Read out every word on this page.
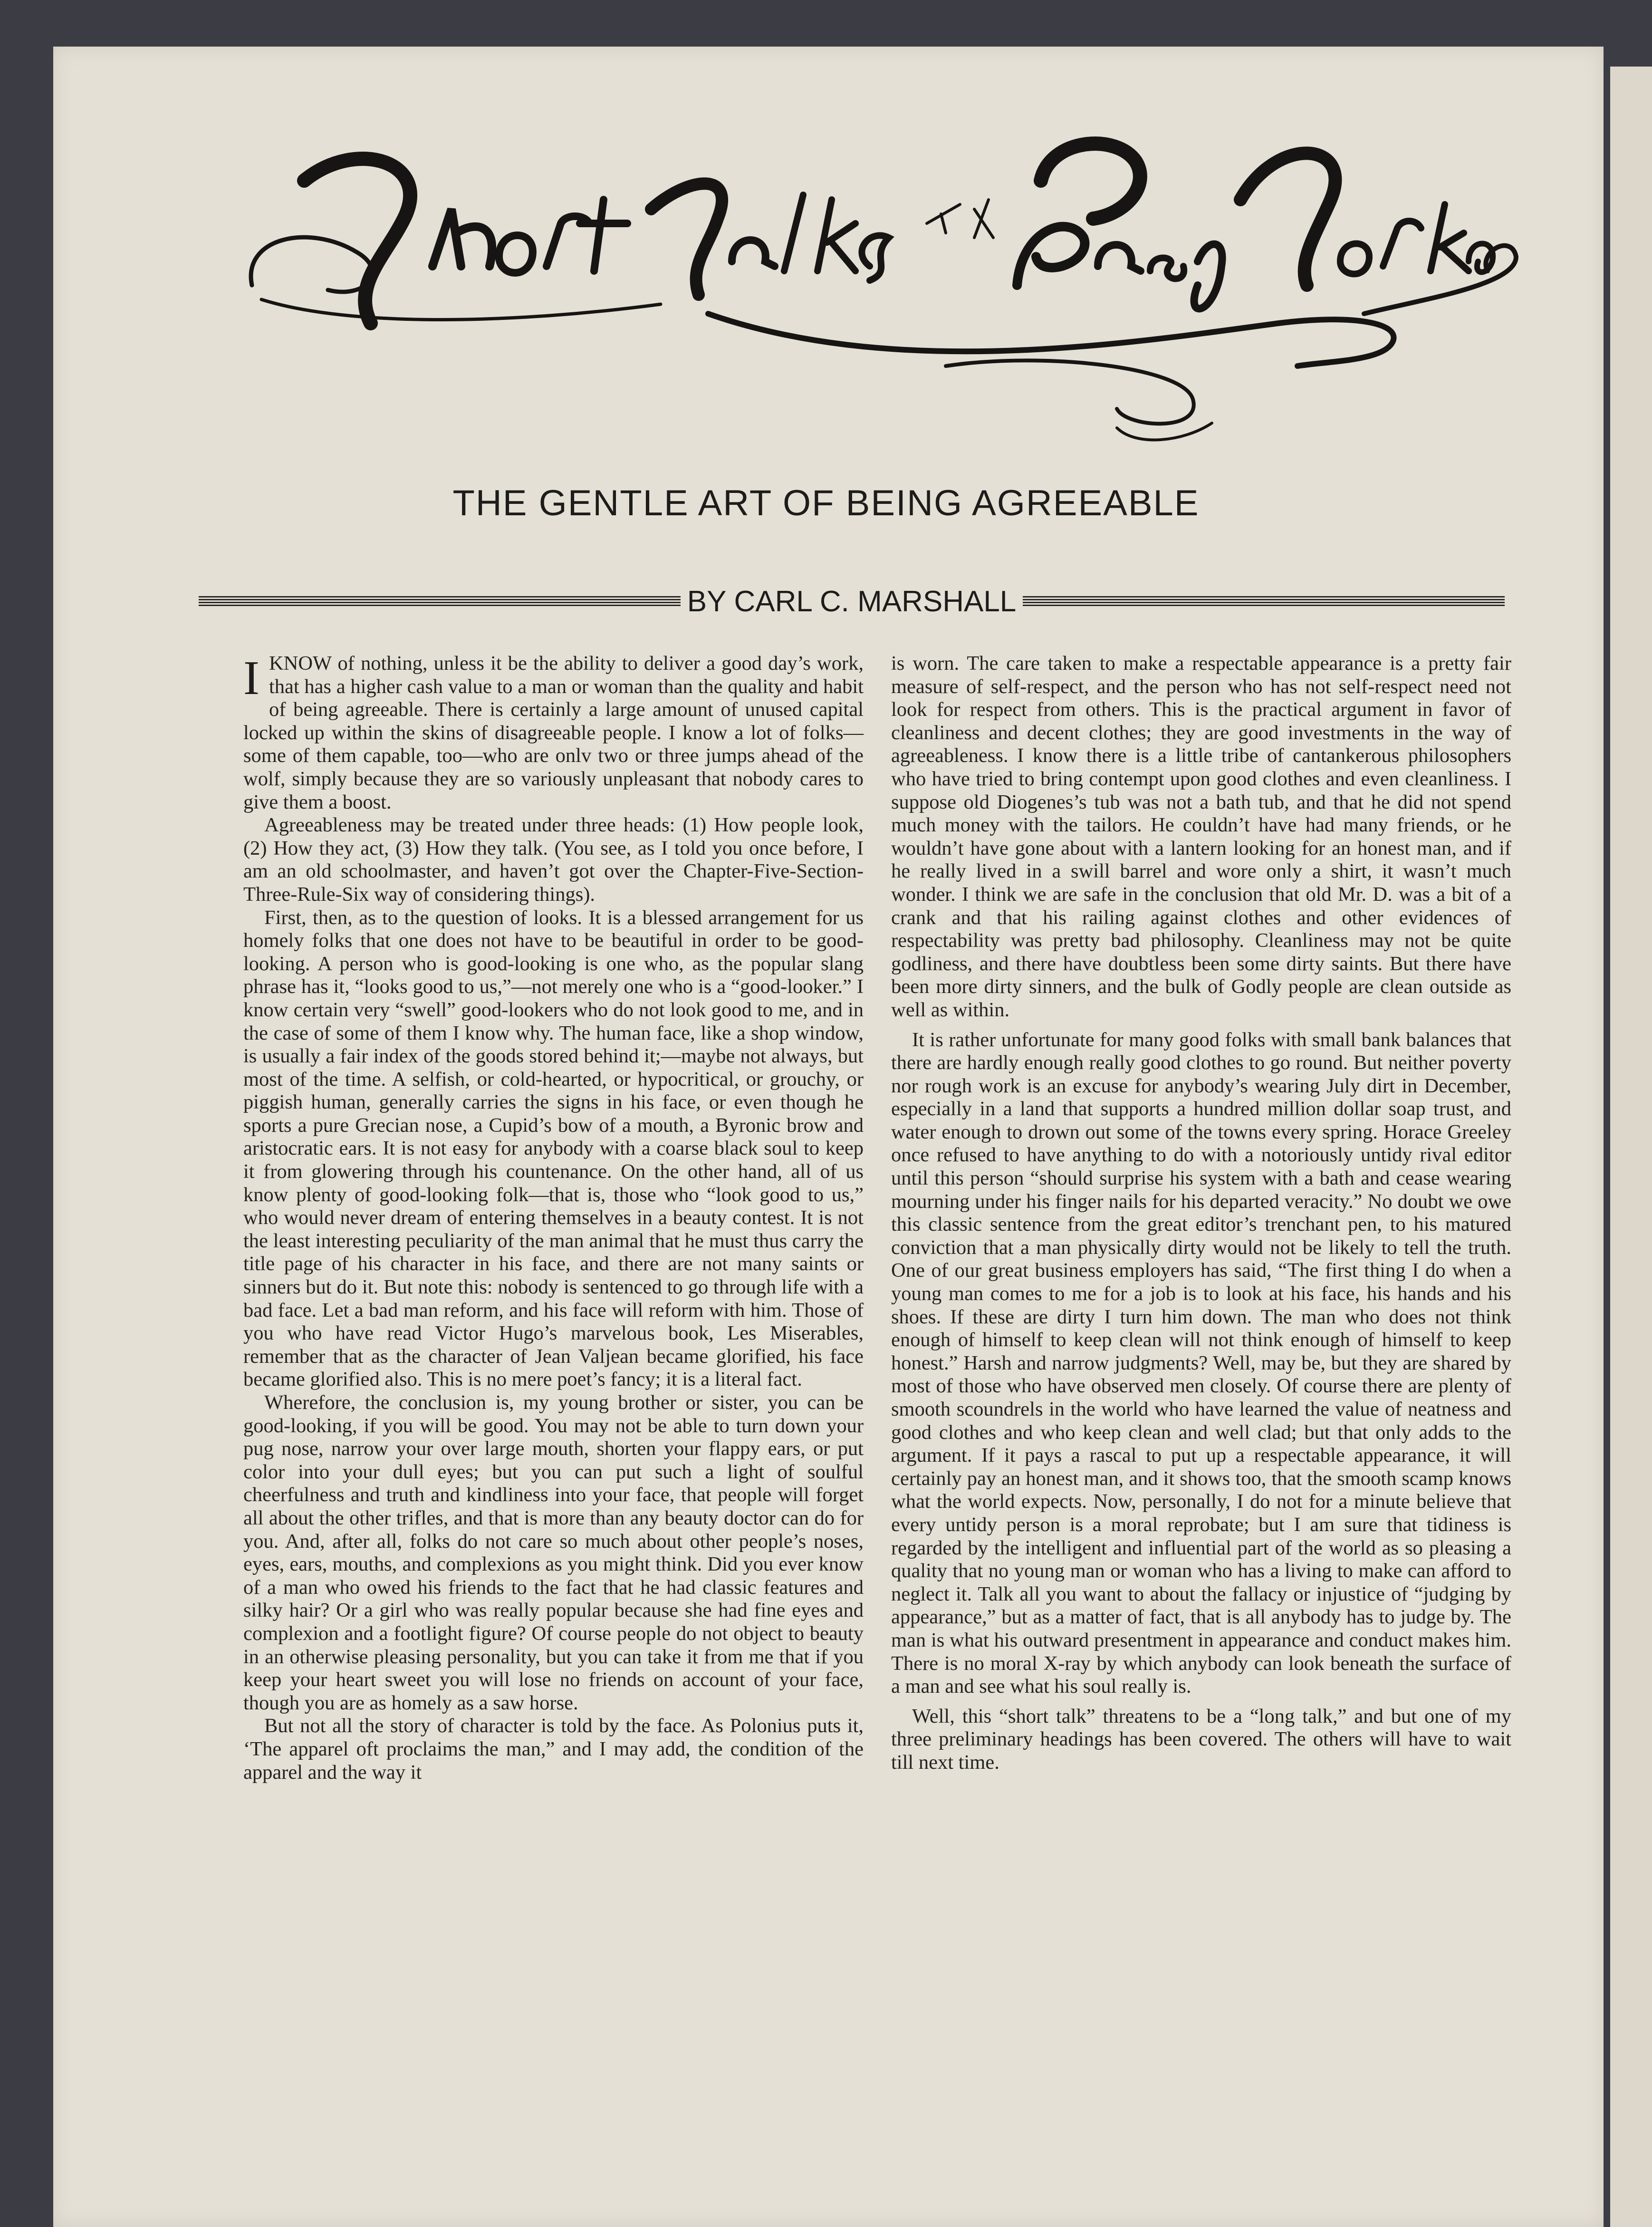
Short Talks to the Busy Workers
THE GENTLE ART OF BEING AGREEABLE
BY CARL C. MARSHALL

IKNOW of nothing, unless it be the ability to deliver a good day’s work, that has a higher cash value to a man or woman than the quality and habit of being agreeable. There is certainly a large amount of unused capital locked up within the skins of disagreeable people. I know a lot of folks—some of them capable, too—who are onlv two or three jumps ahead of the wolf, simply because they are so variously unpleasant that nobody cares to give them a boost.

Agreeableness may be treated under three heads: (1) How people look, (2) How they act, (3) How they talk. (You see, as I told you once before, I am an old schoolmaster, and haven’t got over the Chapter-Five-Section-Three-Rule-Six way of considering things).

First, then, as to the question of looks. It is a blessed arrangement for us homely folks that one does not have to be beautiful in order to be good-looking. A person who is good-looking is one who, as the popular slang phrase has it, “looks good to us,”—not merely one who is a “good-looker.” I know certain very “swell” good-lookers who do not look good to me, and in the case of some of them I know why. The human face, like a shop window, is usually a fair index of the goods stored behind it;—maybe not always, but most of the time. A selfish, or cold-hearted, or hypocritical, or grouchy, or piggish human, generally carries the signs in his face, or even though he sports a pure Grecian nose, a Cupid’s bow of a mouth, a Byronic brow and aristocratic ears. It is not easy for anybody with a coarse black soul to keep it from glowering through his countenance. On the other hand, all of us know plenty of good-looking folk—that is, those who “look good to us,” who would never dream of entering themselves in a beauty contest. It is not the least interesting peculiarity of the man animal that he must thus carry the title page of his character in his face, and there are not many saints or sinners but do it. But note this: nobody is sentenced to go through life with a bad face. Let a bad man reform, and his face will reform with him. Those of you who have read Victor Hugo’s marvelous book, Les Miserables, remember that as the character of Jean Valjean became glorified, his face became glorified also. This is no mere poet’s fancy; it is a literal fact.

Wherefore, the conclusion is, my young brother or sister, you can be good-looking, if you will be good. You may not be able to turn down your pug nose, narrow your over large mouth, shorten your flappy ears, or put color into your dull eyes; but you can put such a light of soulful cheerfulness and truth and kindliness into your face, that people will forget all about the other trifles, and that is more than any beauty doctor can do for you. And, after all, folks do not care so much about other people’s noses, eyes, ears, mouths, and complexions as you might think. Did you ever know of a man who owed his friends to the fact that he had classic features and silky hair? Or a girl who was really popular because she had fine eyes and complexion and a footlight figure? Of course people do not object to beauty in an otherwise pleasing personality, but you can take it from me that if you keep your heart sweet you will lose no friends on account of your face, though you are as homely as a saw horse.

But not all the story of character is told by the face. As Polonius puts it, ‘The apparel oft proclaims the man,” and I may add, the condition of the apparel and the way it

is worn. The care taken to make a respectable appearance is a pretty fair measure of self-respect, and the person who has not self-respect need not look for respect from others. This is the practical argument in favor of cleanliness and decent clothes; they are good investments in the way of agreeableness. I know there is a little tribe of cantankerous philosophers who have tried to bring contempt upon good clothes and even cleanliness. I suppose old Diogenes’s tub was not a bath tub, and that he did not spend much money with the tailors. He couldn’t have had many friends, or he wouldn’t have gone about with a lantern looking for an honest man, and if he really lived in a swill barrel and wore only a shirt, it wasn’t much wonder. I think we are safe in the conclusion that old Mr. D. was a bit of a crank and that his railing against clothes and other evidences of respectability was pretty bad philosophy. Cleanliness may not be quite godliness, and there have doubtless been some dirty saints. But there have been more dirty sinners, and the bulk of Godly people are clean outside as well as within.

It is rather unfortunate for many good folks with small bank balances that there are hardly enough really good clothes to go round. But neither poverty nor rough work is an excuse for anybody’s wearing July dirt in December, especially in a land that supports a hundred million dollar soap trust, and water enough to drown out some of the towns every spring. Horace Greeley once refused to have anything to do with a notoriously untidy rival editor until this person “should surprise his system with a bath and cease wearing mourning under his finger nails for his departed veracity.” No doubt we owe this classic sentence from the great editor’s trenchant pen, to his matured conviction that a man physically dirty would not be likely to tell the truth. One of our great business employers has said, “The first thing I do when a young man comes to me for a job is to look at his face, his hands and his shoes. If these are dirty I turn him down. The man who does not think enough of himself to keep clean will not think enough of himself to keep honest.” Harsh and narrow judgments? Well, may be, but they are shared by most of those who have observed men closely. Of course there are plenty of smooth scoundrels in the world who have learned the value of neatness and good clothes and who keep clean and well clad; but that only adds to the argument. If it pays a rascal to put up a respectable appearance, it will certainly pay an honest man, and it shows too, that the smooth scamp knows what the world expects. Now, personally, I do not for a minute believe that every untidy person is a moral reprobate; but I am sure that tidiness is regarded by the intelligent and influential part of the world as so pleasing a quality that no young man or woman who has a living to make can afford to neglect it. Talk all you want to about the fallacy or injustice of “judging by appearance,” but as a matter of fact, that is all anybody has to judge by. The man is what his outward presentment in appearance and conduct makes him. There is no moral X-ray by which anybody can look beneath the surface of a man and see what his soul really is.

Well, this “short talk” threatens to be a “long talk,” and but one of my three preliminary headings has been covered. The others will have to wait till next time.
